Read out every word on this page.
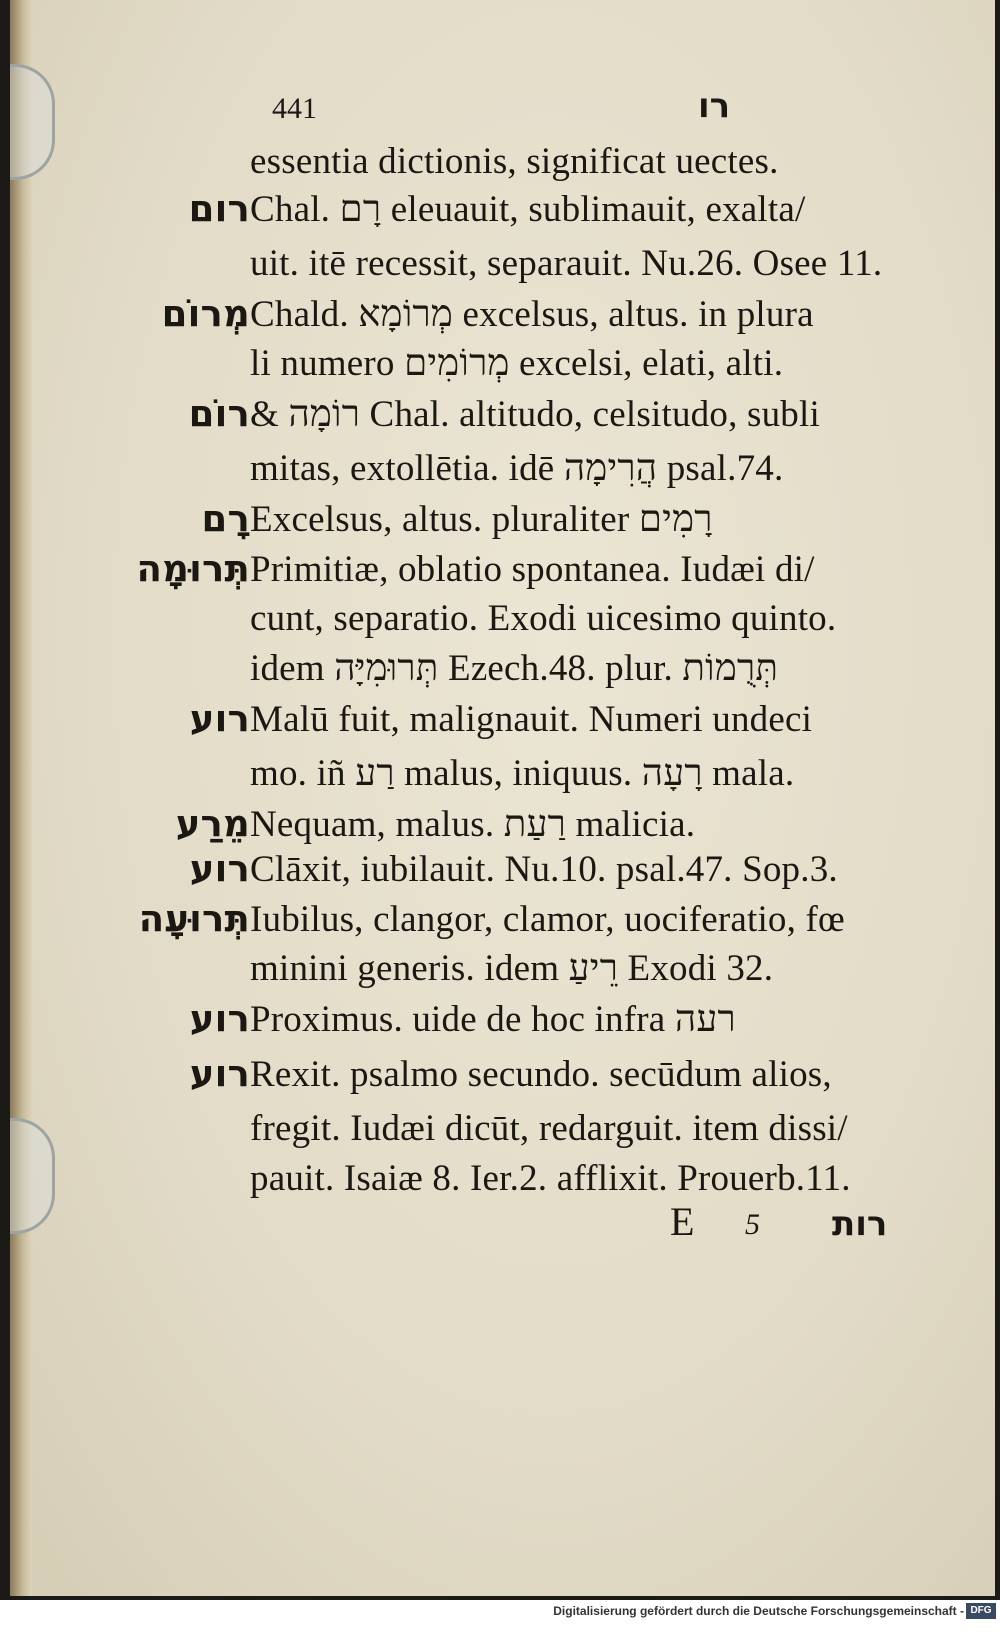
441	רו
essentia dictionis, significat uectes.
רוםChal. רָם eleuauit, sublimauit, exalta/
uit. itē recessit, separauit. Nu.26. Osee 11.
מְרוֹםChald. מְרוֹמָא excelsus, altus. in plura
li numero מְרוֹמִים excelsi, elati, alti.
רוֹם& רוֹמָה Chal. altitudo, celsitudo, subli
mitas, extollētia. idē הֲרִימָה psal.74.
רָםExcelsus, altus. pluraliter רָמִים
תְּרוּמָהPrimitiæ, oblatio spontanea. Iudæi di/
cunt, separatio. Exodi uicesimo quinto.
idem תְּרוּמִיָּה Ezech.48. plur. תְּרֻמוֹת
רועMalū fuit, malignauit. Numeri undeci
mo. iñ רַע malus, iniquus. רָעָה mala.
מֵרַעNequam, malus. רַעַת malicia.
רועClāxit, iubilauit. Nu.10. psal.47. Sop.3.
תְּרוּעָהIubilus, clangor, clamor, uociferatio, fœ
minini generis. idem רֵיעַ Exodi 32.
רועProximus. uide de hoc infra רעה
רועRexit. psalmo secundo. secūdum alios,
fregit. Iudæi dicūt, redarguit. item dissi/
pauit. Isaiæ 8. Ier.2. afflixit. Prouerb.11.
E 5 רות
Digitalisierung gefördert durch die Deutsche Forschungsgemeinschaft - DFG
